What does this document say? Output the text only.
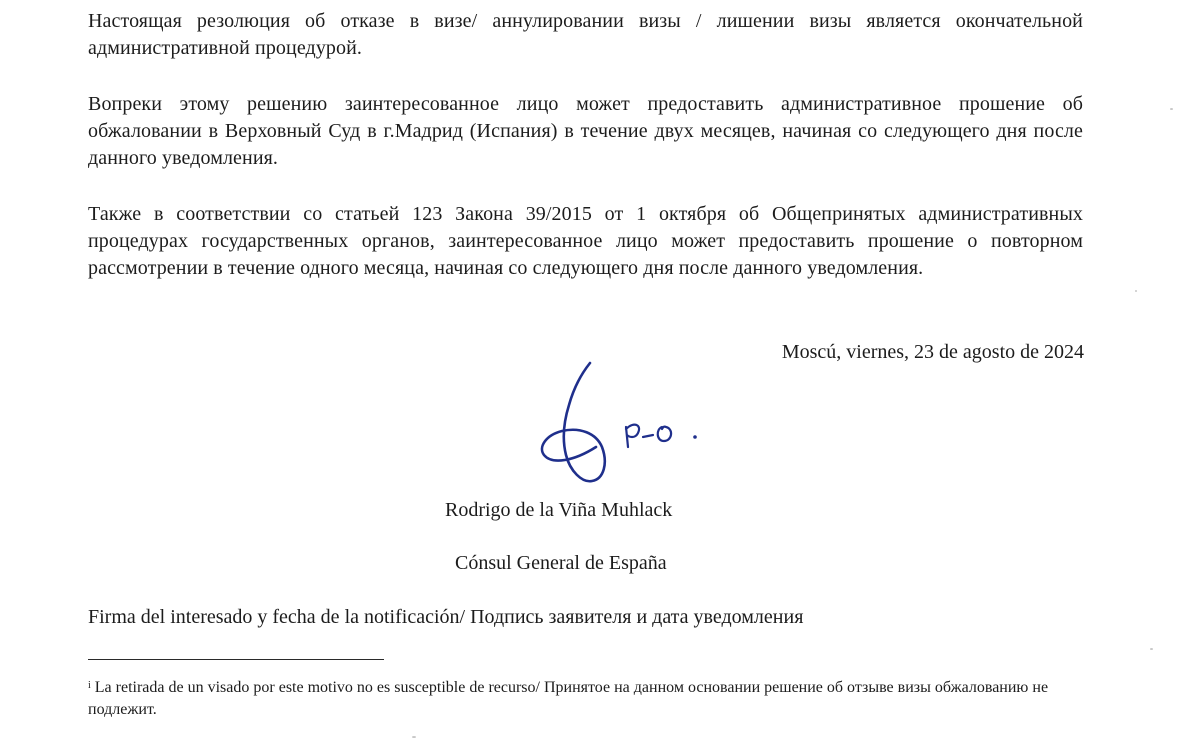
Настоящая резолюция об отказе в визе/ аннулировании визы / лишении визы является окончательной административной процедурой.

Вопреки этому решению заинтересованное лицо может предоставить административное прошение об обжаловании в Верховный Суд в г.Мадрид (Испания) в течение двух месяцев, начиная со следующего дня после данного уведомления.

Также в соответствии со статьей 123 Закона 39/2015 от 1 октября об Общепринятых административных процедурах государственных органов, заинтересованное лицо может предоставить прошение о повторном рассмотрении в течение одного месяца, начиная со следующего дня после данного уведомления.

Moscú, viernes, 23 de agosto de 2024

Rodrigo de la Viña Muhlack

Cónsul General de España

Firma del interesado y fecha de la notificación/ Подпись заявителя и дата уведомления

$^i$ La retirada de un visado por este motivo no es susceptible de recurso/ Принятое на данном основании решение об отзыве визы обжалованию не подлежит.
